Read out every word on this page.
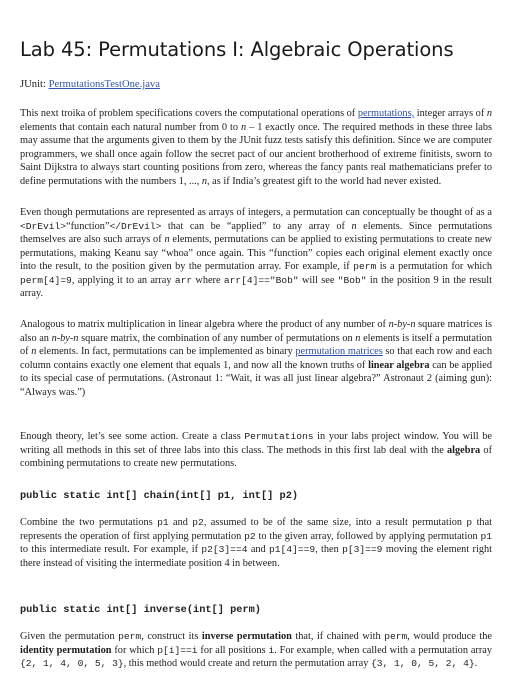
Lab 45: Permutations I: Algebraic Operations
JUnit: PermutationsTestOne.java

This next troika of problem specifications covers the computational operations of permutations, integer arrays of n elements that contain each natural number from 0 to n – 1 exactly once. The required methods in these three labs may assume that the arguments given to them by the JUnit fuzz tests satisfy this definition. Since we are computer programmers, we shall once again follow the secret pact of our ancient brotherhood of extreme finitists, sworn to Saint Dijkstra to always start counting positions from zero, whereas the fancy pants real mathematicians prefer to define permutations with the numbers 1, ..., n, as if India’s greatest gift to the world had never existed.

Even though permutations are represented as arrays of integers, a permutation can conceptually be thought of as a <DrEvil>“function”</DrEvil> that can be “applied” to any array of n elements. Since permutations themselves are also such arrays of n elements, permutations can be applied to existing permutations to create new permutations, making Keanu say “whoa” once again. This “function” copies each original element exactly once into the result, to the position given by the permutation array. For example, if perm is a permutation for which perm[4]=9, applying it to an array arr where arr[4]=="Bob" will see "Bob" in the position 9 in the result array.

Analogous to matrix multiplication in linear algebra where the product of any number of n-by-n square matrices is also an n-by-n square matrix, the combination of any number of permutations on n elements is itself a permutation of n elements. In fact, permutations can be implemented as binary permutation matrices so that each row and each column contains exactly one element that equals 1, and now all the known truths of linear algebra can be applied to its special case of permutations. (Astronaut 1: “Wait, it was all just linear algebra?” Astronaut 2 (aiming gun): “Always was.”)

Enough theory, let’s see some action. Create a class Permutations in your labs project window. You will be writing all methods in this set of three labs into this class. The methods in this first lab deal with the algebra of combining permutations to create new permutations.

public static int[] chain(int[] p1, int[] p2)

Combine the two permutations p1 and p2, assumed to be of the same size, into a result permutation p that represents the operation of first applying permutation p2 to the given array, followed by applying permutation p1 to this intermediate result. For example, if p2[3]==4 and p1[4]==9, then p[3]==9 moving the element right there instead of visiting the intermediate position 4 in between.

public static int[] inverse(int[] perm)

Given the permutation perm, construct its inverse permutation that, if chained with perm, would produce the identity permutation for which p[i]==i for all positions i. For example, when called with a permutation array {2, 1, 4, 0, 5, 3}, this method would create and return the permutation array {3, 1, 0, 5, 2, 4}.
